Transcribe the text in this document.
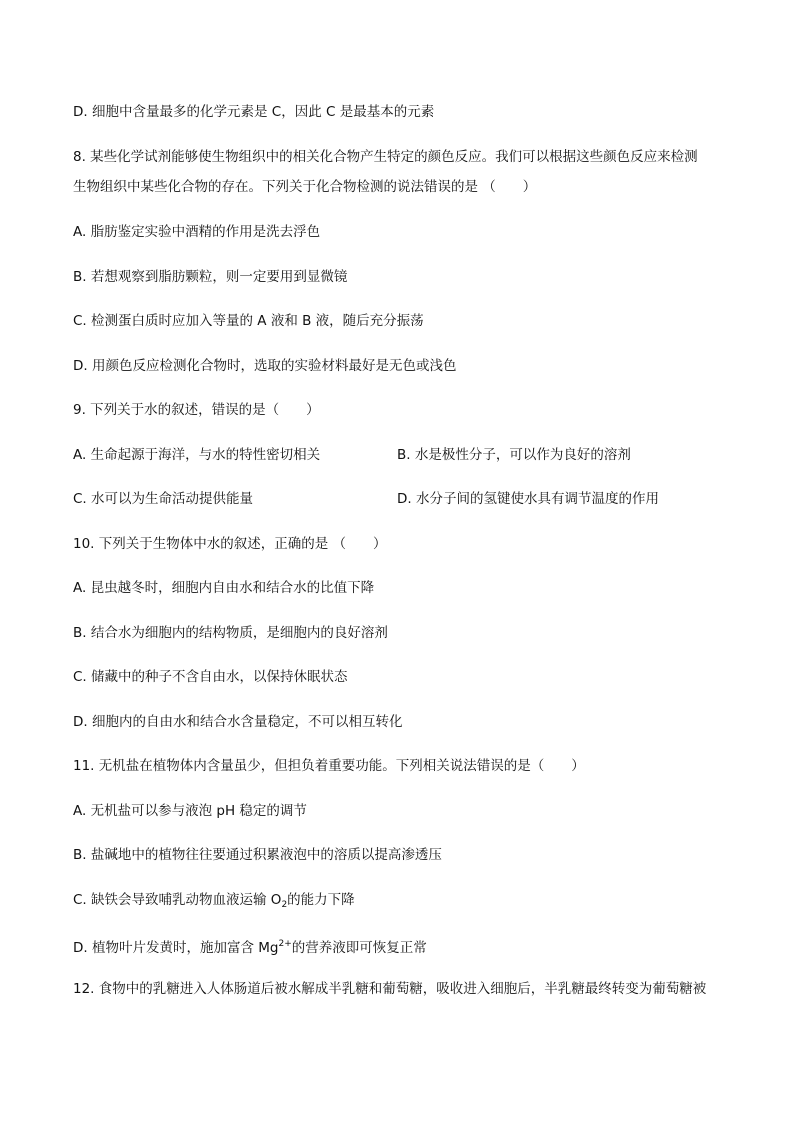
D. 细胞中含量最多的化学元素是 C，因此 C 是最基本的元素
8. 某些化学试剂能够使生物组织中的相关化合物产生特定的颜色反应。我们可以根据这些颜色反应来检测
生物组织中某些化合物的存在。下列关于化合物检测的说法错误的是 （　　）
A. 脂肪鉴定实验中酒精的作用是洗去浮色
B. 若想观察到脂肪颗粒，则一定要用到显微镜
C. 检测蛋白质时应加入等量的 A 液和 B 液，随后充分振荡
D. 用颜色反应检测化合物时，选取的实验材料最好是无色或浅色
9. 下列关于水的叙述，错误的是（　　）
A. 生命起源于海洋，与水的特性密切相关	B. 水是极性分子，可以作为良好的溶剂
C. 水可以为生命活动提供能量	D. 水分子间的氢键使水具有调节温度的作用
10. 下列关于生物体中水的叙述，正确的是 （　　）
A. 昆虫越冬时，细胞内自由水和结合水的比值下降
B. 结合水为细胞内的结构物质，是细胞内的良好溶剂
C. 储藏中的种子不含自由水，以保持休眠状态
D. 细胞内的自由水和结合水含量稳定，不可以相互转化
11. 无机盐在植物体内含量虽少，但担负着重要功能。下列相关说法错误的是（　　）
A. 无机盐可以参与液泡 pH 稳定的调节
B. 盐碱地中的植物往往要通过积累液泡中的溶质以提高渗透压
C. 缺铁会导致哺乳动物血液运输 $O_2$的能力下降
D. 植物叶片发黄时，施加富含 $Mg^{2+}$的营养液即可恢复正常
12. 食物中的乳糖进入人体肠道后被水解成半乳糖和葡萄糖，吸收进入细胞后，半乳糖最终转变为葡萄糖被
